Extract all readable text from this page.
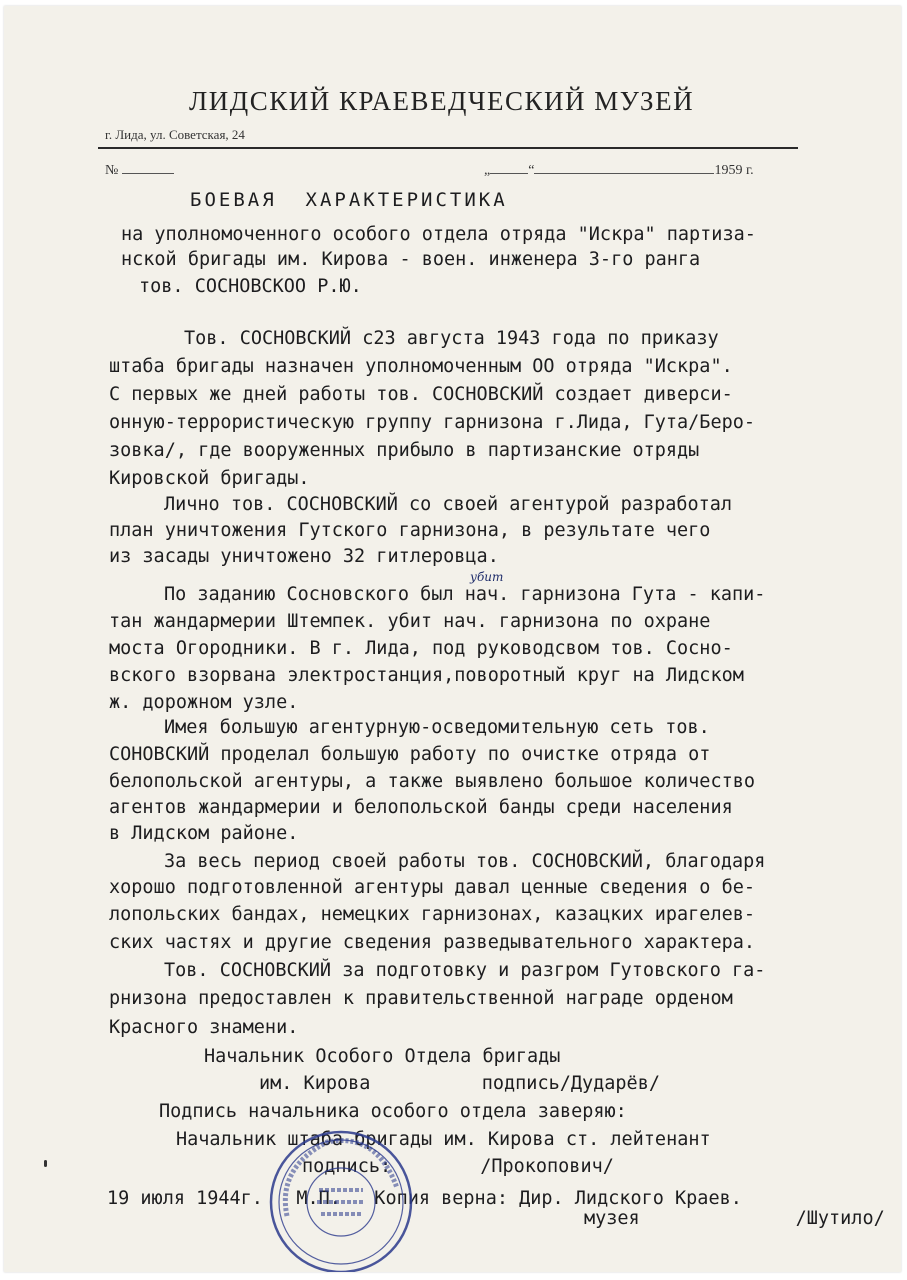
ЛИДСКИЙ КРАЕВЕДЧЕСКИЙ МУЗЕЙ
г. Лида, ул. Советская, 24
№	„	“	1959 г.
БОЕВАЯ  ХАРАКТЕРИСТИКА
на уполномоченного особого отдела отряда "Искра" партиза-
нской бригады им. Кирова - воен. инженера 3-го ранга
тов. СОСНОВСКОО Р.Ю.
Тов. СОСНОВСКИЙ с23 августа 1943 года по приказу
штаба бригады назначен уполномоченным ОО отряда "Искра".
С первых же дней работы тов. СОСНОВСКИЙ создает диверси-
онную-террористическую группу гарнизона г.Лида, Гута/Беро-
зовка/, где вооруженных прибыло в партизанские отряды
Кировской бригады.
Лично тов. СОСНОВСКИЙ со своей агентурой разработал
план уничтожения Гутского гарнизона, в результате чего
из засады уничтожено 32 гитлеровца.
убит
По заданию Сосновского был нач. гарнизона Гута - капи-
тан жандармерии Штемпек. убит нач. гарнизона по охране
моста Огородники. В г. Лида, под руководсвом тов. Сосно-
вского взорвана электростанция,поворотный круг на Лидском
ж. дорожном узле.
Имея большую агентурную-осведомительную сеть тов.
СОНОВСКИЙ проделал большую работу по очистке отряда от
белопольской агентуры, а также выявлено большое количество
агентов жандармерии и белопольской банды среди населения
в Лидском районе.
За весь период своей работы тов. СОСНОВСКИЙ, благодаря
хорошо подготовленной агентуры давал ценные сведения о бе-
лопольских бандах, немецких гарнизонах, казацких ирагелев-
ских частях и другие сведения разведывательного характера.
Тов. СОСНОВСКИЙ за подготовку и разгром Гутовского га-
рнизона предоставлен к правительственной награде орденом
Красного знамени.
Начальник Особого Отдела бригады
им. Кирова          подпись/Дударёв/
Подпись начальника особого отдела заверяю:
Начальник штаба бригады им. Кирова ст. лейтенант
подпись:        /Прокопович/
19 июля 1944г.   М.П.   Копия верна: Дир. Лидского Краев.
музея              /Шутило/
